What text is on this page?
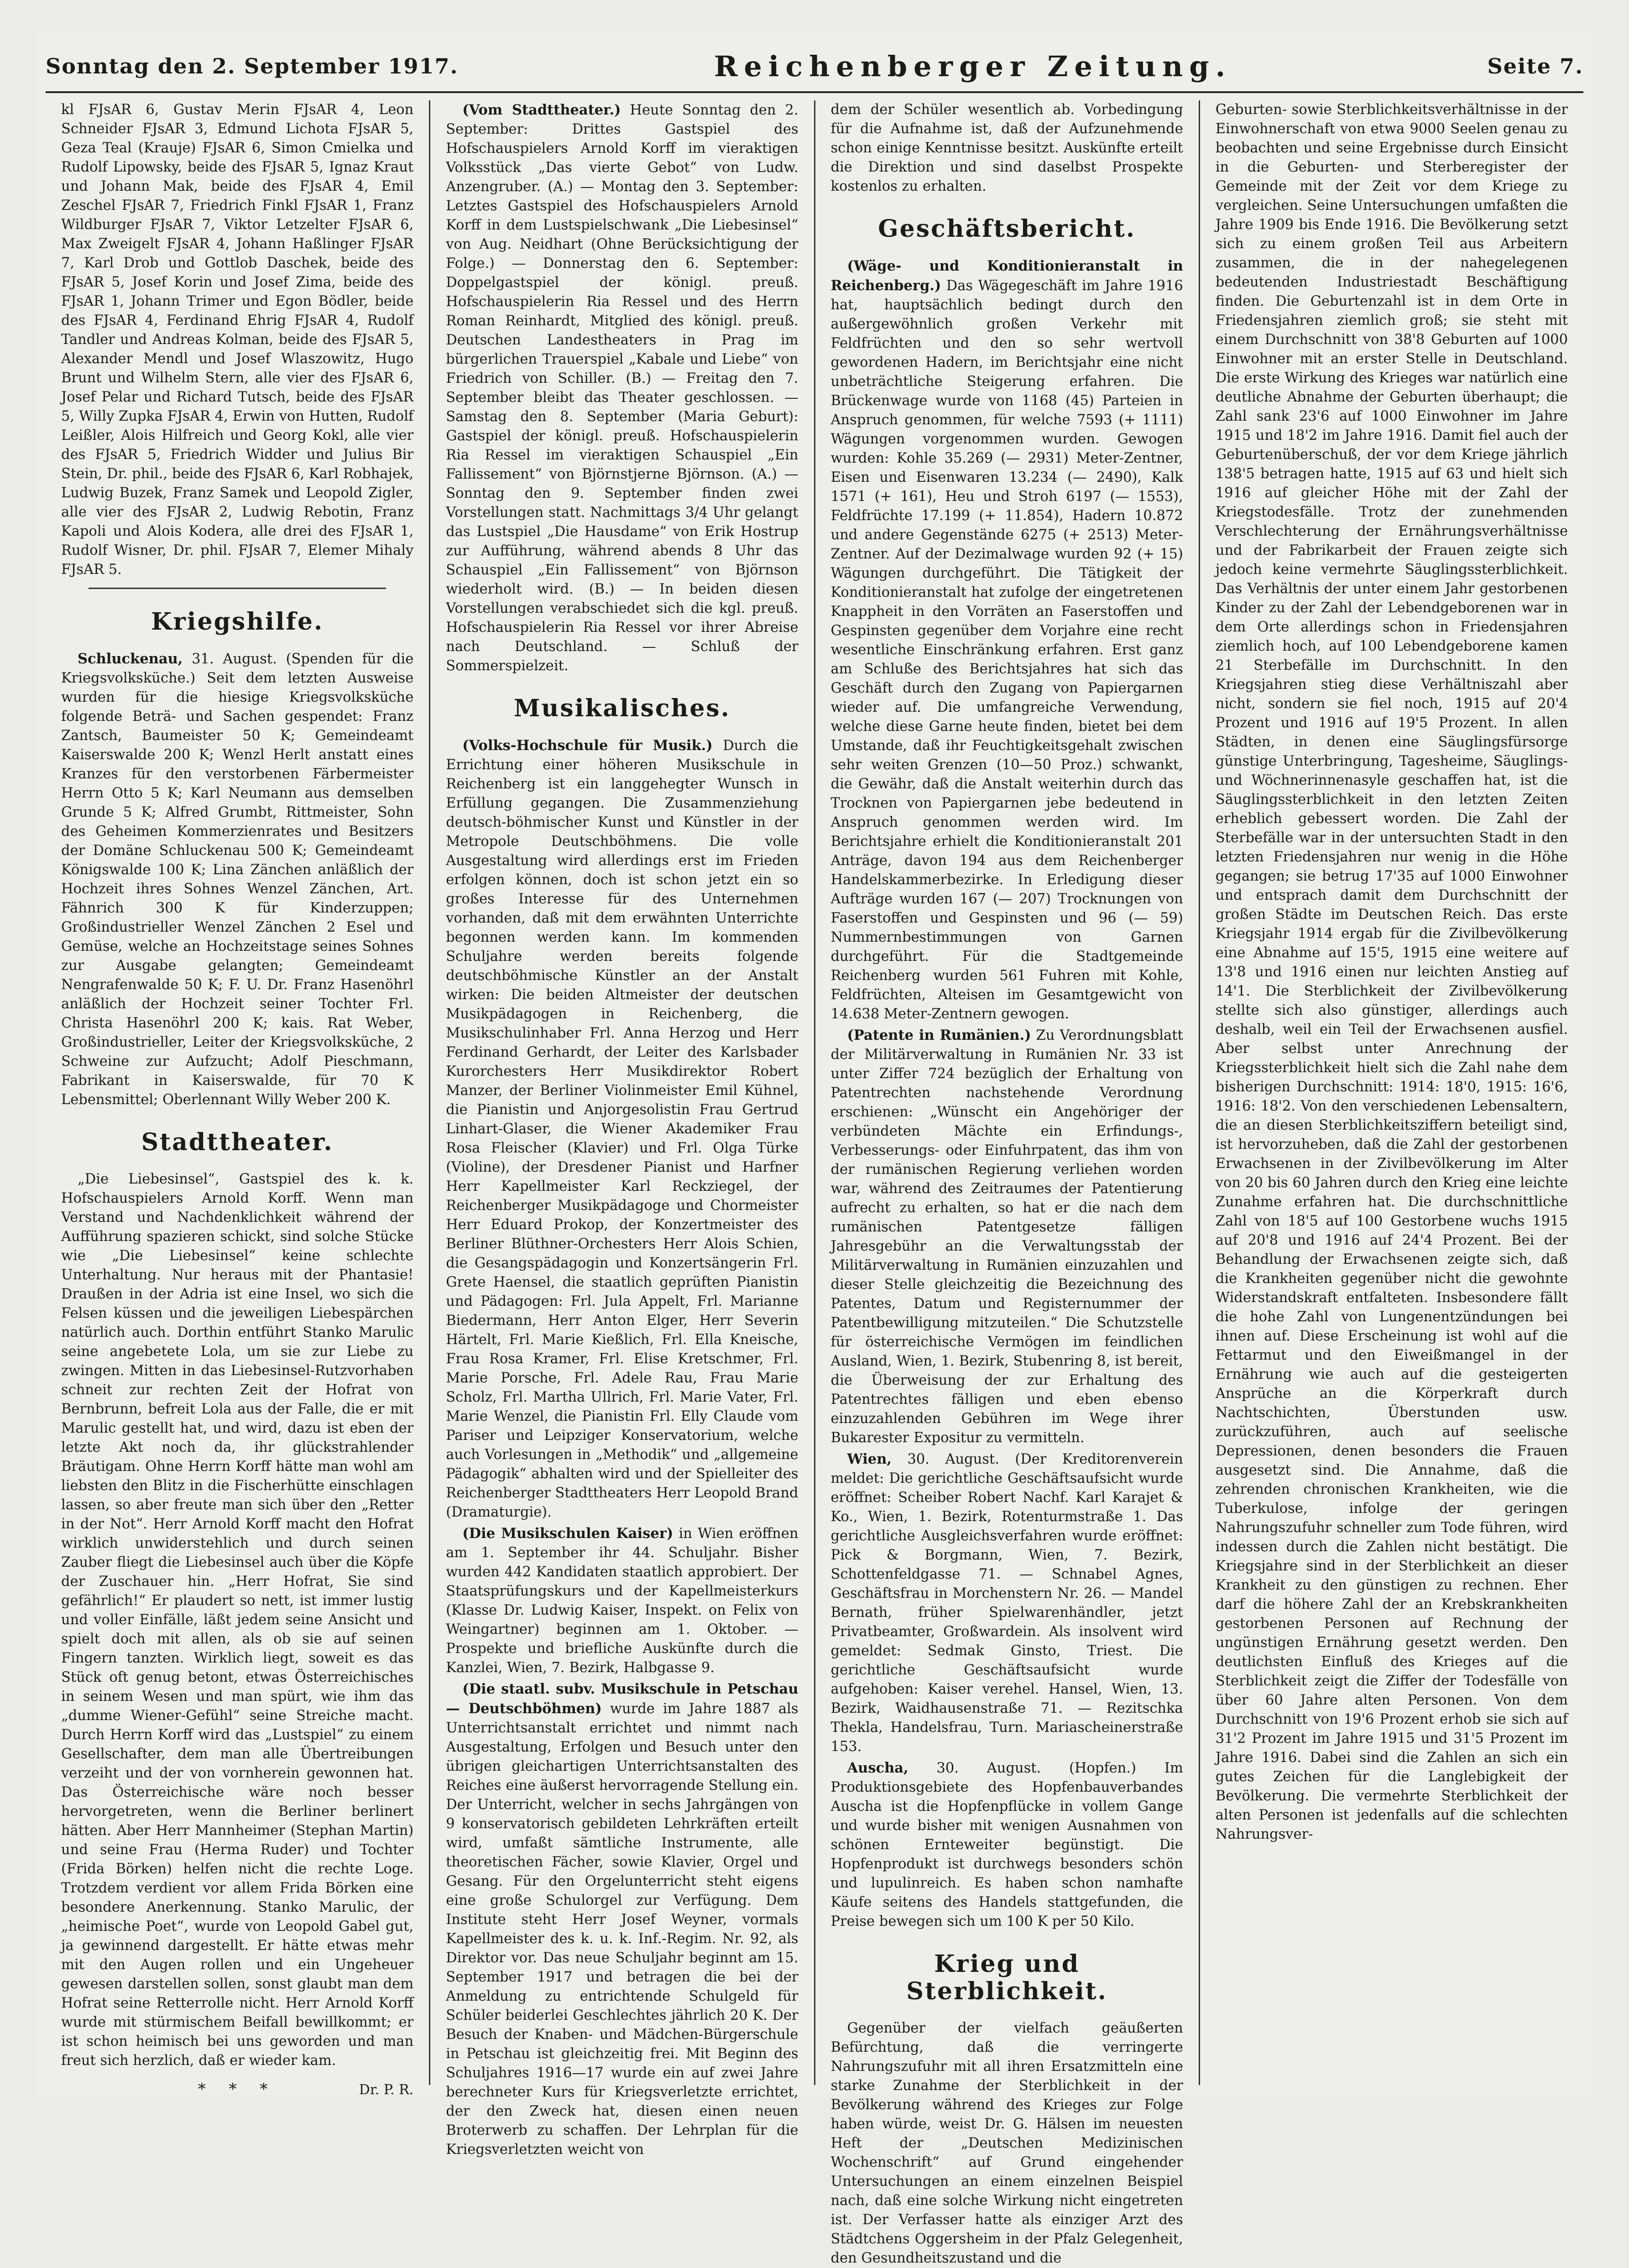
Sonntag den 2. September 1917.	Reichenberger Zeitung.	Seite 7.

kl FJsAR 6, Gustav Merin FJsAR 4, Leon Schneider FJsAR 3, Edmund Lichota FJsAR 5, Geza Teal (Krauje) FJsAR 6, Simon Cmielka und Rudolf Lipowsky, beide des FJsAR 5, Ignaz Kraut und Johann Mak, beide des FJsAR 4, Emil Zeschel FJsAR 7, Friedrich Finkl FJsAR 1, Franz Wildburger FJsAR 7, Viktor Letzelter FJsAR 6, Max Zweigelt FJsAR 4, Johann Haßlinger FJsAR 7, Karl Drob und Gottlob Daschek, beide des FJsAR 5, Josef Korin und Josef Zima, beide des FJsAR 1, Johann Trimer und Egon Bödler, beide des FJsAR 4, Ferdinand Ehrig FJsAR 4, Rudolf Tandler und Andreas Kolman, beide des FJsAR 5, Alexander Mendl und Josef Wlaszowitz, Hugo Brunt und Wilhelm Stern, alle vier des FJsAR 6, Josef Pelar und Richard Tutsch, beide des FJsAR 5, Willy Zupka FJsAR 4, Erwin von Hutten, Rudolf Leißler, Alois Hilfreich und Georg Kokl, alle vier des FJsAR 5, Friedrich Widder und Julius Bir Stein, Dr. phil., beide des FJsAR 6, Karl Robhajek, Ludwig Buzek, Franz Samek und Leopold Zigler, alle vier des FJsAR 2, Ludwig Rebotin, Franz Kapoli und Alois Kodera, alle drei des FJsAR 1, Rudolf Wisner, Dr. phil. FJsAR 7, Elemer Mihaly FJsAR 5.

Kriegshilfe.

Schluckenau, 31. August. (Spenden für die Kriegsvolksküche.) Seit dem letzten Ausweise wurden für die hiesige Kriegsvolksküche folgende Beträ- und Sachen gespendet: Franz Zantsch, Baumeister 50 K; Gemeindeamt Kaiserswalde 200 K; Wenzl Herlt anstatt eines Kranzes für den verstorbenen Färbermeister Herrn Otto 5 K; Karl Neumann aus demselben Grunde 5 K; Alfred Grumbt, Rittmeister, Sohn des Geheimen Kommerzienrates und Besitzers der Domäne Schluckenau 500 K; Gemeindeamt Königswalde 100 K; Lina Zänchen anläßlich der Hochzeit ihres Sohnes Wenzel Zänchen, Art. Fähnrich 300 K für Kinderzuppen; Großindustrieller Wenzel Zänchen 2 Esel und Gemüse, welche an Hochzeitstage seines Sohnes zur Ausgabe gelangten; Gemeindeamt Nengrafenwalde 50 K; F. U. Dr. Franz Hasenöhrl anläßlich der Hochzeit seiner Tochter Frl. Christa Hasenöhrl 200 K; kais. Rat Weber, Großindustrieller, Leiter der Kriegsvolksküche, 2 Schweine zur Aufzucht; Adolf Pieschmann, Fabrikant in Kaiserswalde, für 70 K Lebensmittel; Oberlennant Willy Weber 200 K.

Stadttheater.

„Die Liebesinsel“, Gastspiel des k. k. Hofschauspielers Arnold Korff. Wenn man Verstand und Nachdenklichkeit während der Aufführung spazieren schickt, sind solche Stücke wie „Die Liebesinsel“ keine schlechte Unterhaltung. Nur heraus mit der Phantasie! Draußen in der Adria ist eine Insel, wo sich die Felsen küssen und die jeweiligen Liebespärchen natürlich auch. Dorthin entführt Stanko Marulic seine angebetete Lola, um sie zur Liebe zu zwingen. Mitten in das Liebesinsel-Rutzvorhaben schneit zur rechten Zeit der Hofrat von Bernbrunn, befreit Lola aus der Falle, die er mit Marulic gestellt hat, und wird, dazu ist eben der letzte Akt noch da, ihr glückstrahlender Bräutigam. Ohne Herrn Korff hätte man wohl am liebsten den Blitz in die Fischerhütte einschlagen lassen, so aber freute man sich über den „Retter in der Not“. Herr Arnold Korff macht den Hofrat wirklich unwiderstehlich und durch seinen Zauber fliegt die Liebesinsel auch über die Köpfe der Zuschauer hin. „Herr Hofrat, Sie sind gefährlich!“ Er plaudert so nett, ist immer lustig und voller Einfälle, läßt jedem seine Ansicht und spielt doch mit allen, als ob sie auf seinen Fingern tanzten. Wirklich liegt, soweit es das Stück oft genug betont, etwas Österreichisches in seinem Wesen und man spürt, wie ihm das „dumme Wiener-Gefühl“ seine Streiche macht. Durch Herrn Korff wird das „Lustspiel“ zu einem Gesellschafter, dem man alle Übertreibungen verzeiht und der von vornherein gewonnen hat. Das Österreichische wäre noch besser hervorgetreten, wenn die Berliner berlinert hätten. Aber Herr Mannheimer (Stephan Martin) und seine Frau (Herma Ruder) und Tochter (Frida Börken) helfen nicht die rechte Loge. Trotzdem verdient vor allem Frida Börken eine besondere Anerkennung. Stanko Marulic, der „heimische Poet“, wurde von Leopold Gabel gut, ja gewinnend dargestellt. Er hätte etwas mehr mit den Augen rollen und ein Ungeheuer gewesen darstellen sollen, sonst glaubt man dem Hofrat seine Retterrolle nicht. Herr Arnold Korff wurde mit stürmischem Beifall bewillkommt; er ist schon heimisch bei uns geworden und man freut sich herzlich, daß er wieder kam.

* * *	Dr. P. R.

(Vom Stadttheater.) Heute Sonntag den 2. September: Drittes Gastspiel des Hofschauspielers Arnold Korff im vieraktigen Volksstück „Das vierte Gebot“ von Ludw. Anzengruber. (A.) — Montag den 3. September: Letztes Gastspiel des Hofschauspielers Arnold Korff in dem Lustspielschwank „Die Liebesinsel“ von Aug. Neidhart (Ohne Berücksichtigung der Folge.) — Donnerstag den 6. September: Doppelgastspiel der königl. preuß. Hofschauspielerin Ria Ressel und des Herrn Roman Reinhardt, Mitglied des königl. preuß. Deutschen Landestheaters in Prag im bürgerlichen Trauerspiel „Kabale und Liebe“ von Friedrich von Schiller. (B.) — Freitag den 7. September bleibt das Theater geschlossen. — Samstag den 8. September (Maria Geburt): Gastspiel der königl. preuß. Hofschauspielerin Ria Ressel im vieraktigen Schauspiel „Ein Fallissement“ von Björnstjerne Björnson. (A.) — Sonntag den 9. September finden zwei Vorstellungen statt. Nachmittags 3/4 Uhr gelangt das Lustspiel „Die Hausdame“ von Erik Hostrup zur Aufführung, während abends 8 Uhr das Schauspiel „Ein Fallissement“ von Björnson wiederholt wird. (B.) — In beiden diesen Vorstellungen verabschiedet sich die kgl. preuß. Hofschauspielerin Ria Ressel vor ihrer Abreise nach Deutschland. — Schluß der Sommerspielzeit.

Musikalisches.

(Volks-Hochschule für Musik.) Durch die Errichtung einer höheren Musikschule in Reichenberg ist ein langgehegter Wunsch in Erfüllung gegangen. Die Zusammenziehung deutsch-böhmischer Kunst und Künstler in der Metropole Deutschböhmens. Die volle Ausgestaltung wird allerdings erst im Frieden erfolgen können, doch ist schon jetzt ein so großes Interesse für des Unternehmen vorhanden, daß mit dem erwähnten Unterrichte begonnen werden kann. Im kommenden Schuljahre werden bereits folgende deutschböhmische Künstler an der Anstalt wirken: Die beiden Altmeister der deutschen Musikpädagogen in Reichenberg, die Musikschulinhaber Frl. Anna Herzog und Herr Ferdinand Gerhardt, der Leiter des Karlsbader Kurorchesters Herr Musikdirektor Robert Manzer, der Berliner Violinmeister Emil Kühnel, die Pianistin und Anjorgesolistin Frau Gertrud Linhart-Glaser, die Wiener Akademiker Frau Rosa Fleischer (Klavier) und Frl. Olga Türke (Violine), der Dresdener Pianist und Harfner Herr Kapellmeister Karl Reckziegel, der Reichenberger Musikpädagoge und Chormeister Herr Eduard Prokop, der Konzertmeister des Berliner Blüthner-Orchesters Herr Alois Schien, die Gesangspädagogin und Konzertsängerin Frl. Grete Haensel, die staatlich geprüften Pianistin und Pädagogen: Frl. Jula Appelt, Frl. Marianne Biedermann, Herr Anton Elger, Herr Severin Härtelt, Frl. Marie Kießlich, Frl. Ella Kneische, Frau Rosa Kramer, Frl. Elise Kretschmer, Frl. Marie Porsche, Frl. Adele Rau, Frau Marie Scholz, Frl. Martha Ullrich, Frl. Marie Vater, Frl. Marie Wenzel, die Pianistin Frl. Elly Claude vom Pariser und Leipziger Konservatorium, welche auch Vorlesungen in „Methodik“ und „allgemeine Pädagogik“ abhalten wird und der Spielleiter des Reichenberger Stadttheaters Herr Leopold Brand (Dramaturgie).

(Die Musikschulen Kaiser) in Wien eröffnen am 1. September ihr 44. Schuljahr. Bisher wurden 442 Kandidaten staatlich approbiert. Der Staatsprüfungskurs und der Kapellmeisterkurs (Klasse Dr. Ludwig Kaiser, Inspekt. on Felix von Weingartner) beginnen am 1. Oktober. — Prospekte und briefliche Auskünfte durch die Kanzlei, Wien, 7. Bezirk, Halbgasse 9.

(Die staatl. subv. Musikschule in Petschau — Deutschböhmen) wurde im Jahre 1887 als Unterrichtsanstalt errichtet und nimmt nach Ausgestaltung, Erfolgen und Besuch unter den übrigen gleichartigen Unterrichtsanstalten des Reiches eine äußerst hervorragende Stellung ein. Der Unterricht, welcher in sechs Jahrgängen von 9 konservatorisch gebildeten Lehrkräften erteilt wird, umfaßt sämtliche Instrumente, alle theoretischen Fächer, sowie Klavier, Orgel und Gesang. Für den Orgelunterricht steht eigens eine große Schulorgel zur Verfügung. Dem Institute steht Herr Josef Weyner, vormals Kapellmeister des k. u. k. Inf.-Regim. Nr. 92, als Direktor vor. Das neue Schuljahr beginnt am 15. September 1917 und betragen die bei der Anmeldung zu entrichtende Schulgeld für Schüler beiderlei Geschlechtes jährlich 20 K. Der Besuch der Knaben- und Mädchen-Bürgerschule in Petschau ist gleichzeitig frei. Mit Beginn des Schuljahres 1916—17 wurde ein auf zwei Jahre berechneter Kurs für Kriegsverletzte errichtet, der den Zweck hat, diesen einen neuen Broterwerb zu schaffen. Der Lehrplan für die Kriegsverletzten weicht von

dem der Schüler wesentlich ab. Vorbedingung für die Aufnahme ist, daß der Aufzunehmende schon einige Kenntnisse besitzt. Auskünfte erteilt die Direktion und sind daselbst Prospekte kostenlos zu erhalten.

Geschäftsbericht.

(Wäge- und Konditionieranstalt in Reichenberg.) Das Wägegeschäft im Jahre 1916 hat, hauptsächlich bedingt durch den außergewöhnlich großen Verkehr mit Feldfrüchten und den so sehr wertvoll gewordenen Hadern, im Berichtsjahr eine nicht unbeträchtliche Steigerung erfahren. Die Brückenwage wurde von 1168 (45) Parteien in Anspruch genommen, für welche 7593 (+ 1111) Wägungen vorgenommen wurden. Gewogen wurden: Kohle 35.269 (— 2931) Meter-Zentner, Eisen und Eisenwaren 13.234 (— 2490), Kalk 1571 (+ 161), Heu und Stroh 6197 (— 1553), Feldfrüchte 17.199 (+ 11.854), Hadern 10.872 und andere Gegenstände 6275 (+ 2513) Meter-Zentner. Auf der Dezimalwage wurden 92 (+ 15) Wägungen durchgeführt. Die Tätigkeit der Konditionieranstalt hat zufolge der eingetretenen Knappheit in den Vorräten an Faserstoffen und Gespinsten gegenüber dem Vorjahre eine recht wesentliche Einschränkung erfahren. Erst ganz am Schluße des Berichtsjahres hat sich das Geschäft durch den Zugang von Papiergarnen wieder auf. Die umfangreiche Verwendung, welche diese Garne heute finden, bietet bei dem Umstande, daß ihr Feuchtigkeitsgehalt zwischen sehr weiten Grenzen (10—50 Proz.) schwankt, die Gewähr, daß die Anstalt weiterhin durch das Trocknen von Papiergarnen jebe bedeutend in Anspruch genommen werden wird. Im Berichtsjahre erhielt die Konditionieranstalt 201 Anträge, davon 194 aus dem Reichenberger Handelskammerbezirke. In Erledigung dieser Aufträge wurden 167 (— 207) Trocknungen von Faserstoffen und Gespinsten und 96 (— 59) Nummernbestimmungen von Garnen durchgeführt. Für die Stadtgemeinde Reichenberg wurden 561 Fuhren mit Kohle, Feldfrüchten, Alteisen im Gesamtgewicht von 14.638 Meter-Zentnern gewogen.

(Patente in Rumänien.) Zu Verordnungsblatt der Militärverwaltung in Rumänien Nr. 33 ist unter Ziffer 724 bezüglich der Erhaltung von Patentrechten nachstehende Verordnung erschienen: „Wünscht ein Angehöriger der verbündeten Mächte ein Erfindungs-, Verbesserungs- oder Einfuhrpatent, das ihm von der rumänischen Regierung verliehen worden war, während des Zeitraumes der Patentierung aufrecht zu erhalten, so hat er die nach dem rumänischen Patentgesetze fälligen Jahresgebühr an die Verwaltungsstab der Militärverwaltung in Rumänien einzuzahlen und dieser Stelle gleichzeitig die Bezeichnung des Patentes, Datum und Registernummer der Patentbewilligung mitzuteilen.“ Die Schutzstelle für österreichische Vermögen im feindlichen Ausland, Wien, 1. Bezirk, Stubenring 8, ist bereit, die Überweisung der zur Erhaltung des Patentrechtes fälligen und eben ebenso einzuzahlenden Gebühren im Wege ihrer Bukarester Expositur zu vermitteln.

Wien, 30. August. (Der Kreditorenverein meldet: Die gerichtliche Geschäftsaufsicht wurde eröffnet: Scheiber Robert Nachf. Karl Karajet & Ko., Wien, 1. Bezirk, Rotenturmstraße 1. Das gerichtliche Ausgleichsverfahren wurde eröffnet: Pick & Borgmann, Wien, 7. Bezirk, Schottenfeldgasse 71. — Schnabel Agnes, Geschäftsfrau in Morchenstern Nr. 26. — Mandel Bernath, früher Spielwarenhändler, jetzt Privatbeamter, Großwardein. Als insolvent wird gemeldet: Sedmak Ginsto, Triest. Die gerichtliche Geschäftsaufsicht wurde aufgehoben: Kaiser verehel. Hansel, Wien, 13. Bezirk, Waidhausenstraße 71. — Rezitschka Thekla, Handelsfrau, Turn. Mariascheinerstraße 153.

Auscha, 30. August. (Hopfen.) Im Produktionsgebiete des Hopfenbauverbandes Auscha ist die Hopfenpflücke in vollem Gange und wurde bisher mit wenigen Ausnahmen von schönen Ernteweiter begünstigt. Die Hopfenprodukt ist durchwegs besonders schön und lupulinreich. Es haben schon namhafte Käufe seitens des Handels stattgefunden, die Preise bewegen sich um 100 K per 50 Kilo.

Krieg und Sterblichkeit.

Gegenüber der vielfach geäußerten Befürchtung, daß die verringerte Nahrungszufuhr mit all ihren Ersatzmitteln eine starke Zunahme der Sterblichkeit in der Bevölkerung während des Krieges zur Folge haben würde, weist Dr. G. Hälsen im neuesten Heft der „Deutschen Medizinischen Wochenschrift“ auf Grund eingehender Untersuchungen an einem einzelnen Beispiel nach, daß eine solche Wirkung nicht eingetreten ist. Der Verfasser hatte als einziger Arzt des Städtchens Oggersheim in der Pfalz Gelegenheit, den Gesundheitszustand und die

Geburten- sowie Sterblichkeitsverhältnisse in der Einwohnerschaft von etwa 9000 Seelen genau zu beobachten und seine Ergebnisse durch Einsicht in die Geburten- und Sterberegister der Gemeinde mit der Zeit vor dem Kriege zu vergleichen. Seine Untersuchungen umfaßten die Jahre 1909 bis Ende 1916. Die Bevölkerung setzt sich zu einem großen Teil aus Arbeitern zusammen, die in der nahegelegenen bedeutenden Industriestadt Beschäftigung finden. Die Geburtenzahl ist in dem Orte in Friedensjahren ziemlich groß; sie steht mit einem Durchschnitt von 38'8 Geburten auf 1000 Einwohner mit an erster Stelle in Deutschland. Die erste Wirkung des Krieges war natürlich eine deutliche Abnahme der Geburten überhaupt; die Zahl sank 23'6 auf 1000 Einwohner im Jahre 1915 und 18'2 im Jahre 1916. Damit fiel auch der Geburtenüberschuß, der vor dem Kriege jährlich 138'5 betragen hatte, 1915 auf 63 und hielt sich 1916 auf gleicher Höhe mit der Zahl der Kriegstodesfälle. Trotz der zunehmenden Verschlechterung der Ernährungsverhältnisse und der Fabrikarbeit der Frauen zeigte sich jedoch keine vermehrte Säuglingssterblichkeit. Das Verhältnis der unter einem Jahr gestorbenen Kinder zu der Zahl der Lebendgeborenen war in dem Orte allerdings schon in Friedensjahren ziemlich hoch, auf 100 Lebendgeborene kamen 21 Sterbefälle im Durchschnitt. In den Kriegsjahren stieg diese Verhältniszahl aber nicht, sondern sie fiel noch, 1915 auf 20'4 Prozent und 1916 auf 19'5 Prozent. In allen Städten, in denen eine Säuglingsfürsorge günstige Unterbringung, Tagesheime, Säuglings- und Wöchnerinnenasyle geschaffen hat, ist die Säuglingssterblichkeit in den letzten Zeiten erheblich gebessert worden. Die Zahl der Sterbefälle war in der untersuchten Stadt in den letzten Friedensjahren nur wenig in die Höhe gegangen; sie betrug 17'35 auf 1000 Einwohner und entsprach damit dem Durchschnitt der großen Städte im Deutschen Reich. Das erste Kriegsjahr 1914 ergab für die Zivilbevölkerung eine Abnahme auf 15'5, 1915 eine weitere auf 13'8 und 1916 einen nur leichten Anstieg auf 14'1. Die Sterblichkeit der Zivilbevölkerung stellte sich also günstiger, allerdings auch deshalb, weil ein Teil der Erwachsenen ausfiel. Aber selbst unter Anrechnung der Kriegssterblichkeit hielt sich die Zahl nahe dem bisherigen Durchschnitt: 1914: 18'0, 1915: 16'6, 1916: 18'2. Von den verschiedenen Lebensaltern, die an diesen Sterblichkeitsziffern beteiligt sind, ist hervorzuheben, daß die Zahl der gestorbenen Erwachsenen in der Zivilbevölkerung im Alter von 20 bis 60 Jahren durch den Krieg eine leichte Zunahme erfahren hat. Die durchschnittliche Zahl von 18'5 auf 100 Gestorbene wuchs 1915 auf 20'8 und 1916 auf 24'4 Prozent. Bei der Behandlung der Erwachsenen zeigte sich, daß die Krankheiten gegenüber nicht die gewohnte Widerstandskraft entfalteten. Insbesondere fällt die hohe Zahl von Lungenentzündungen bei ihnen auf. Diese Erscheinung ist wohl auf die Fettarmut und den Eiweißmangel in der Ernährung wie auch auf die gesteigerten Ansprüche an die Körperkraft durch Nachtschichten, Überstunden usw. zurückzuführen, auch auf seelische Depressionen, denen besonders die Frauen ausgesetzt sind. Die Annahme, daß die zehrenden chronischen Krankheiten, wie die Tuberkulose, infolge der geringen Nahrungszufuhr schneller zum Tode führen, wird indessen durch die Zahlen nicht bestätigt. Die Kriegsjahre sind in der Sterblichkeit an dieser Krankheit zu den günstigen zu rechnen. Eher darf die höhere Zahl der an Krebskrankheiten gestorbenen Personen auf Rechnung der ungünstigen Ernährung gesetzt werden. Den deutlichsten Einfluß des Krieges auf die Sterblichkeit zeigt die Ziffer der Todesfälle von über 60 Jahre alten Personen. Von dem Durchschnitt von 19'6 Prozent erhob sie sich auf 31'2 Prozent im Jahre 1915 und 31'5 Prozent im Jahre 1916. Dabei sind die Zahlen an sich ein gutes Zeichen für die Langlebigkeit der Bevölkerung. Die vermehrte Sterblichkeit der alten Personen ist jedenfalls auf die schlechten Nahrungsver-
